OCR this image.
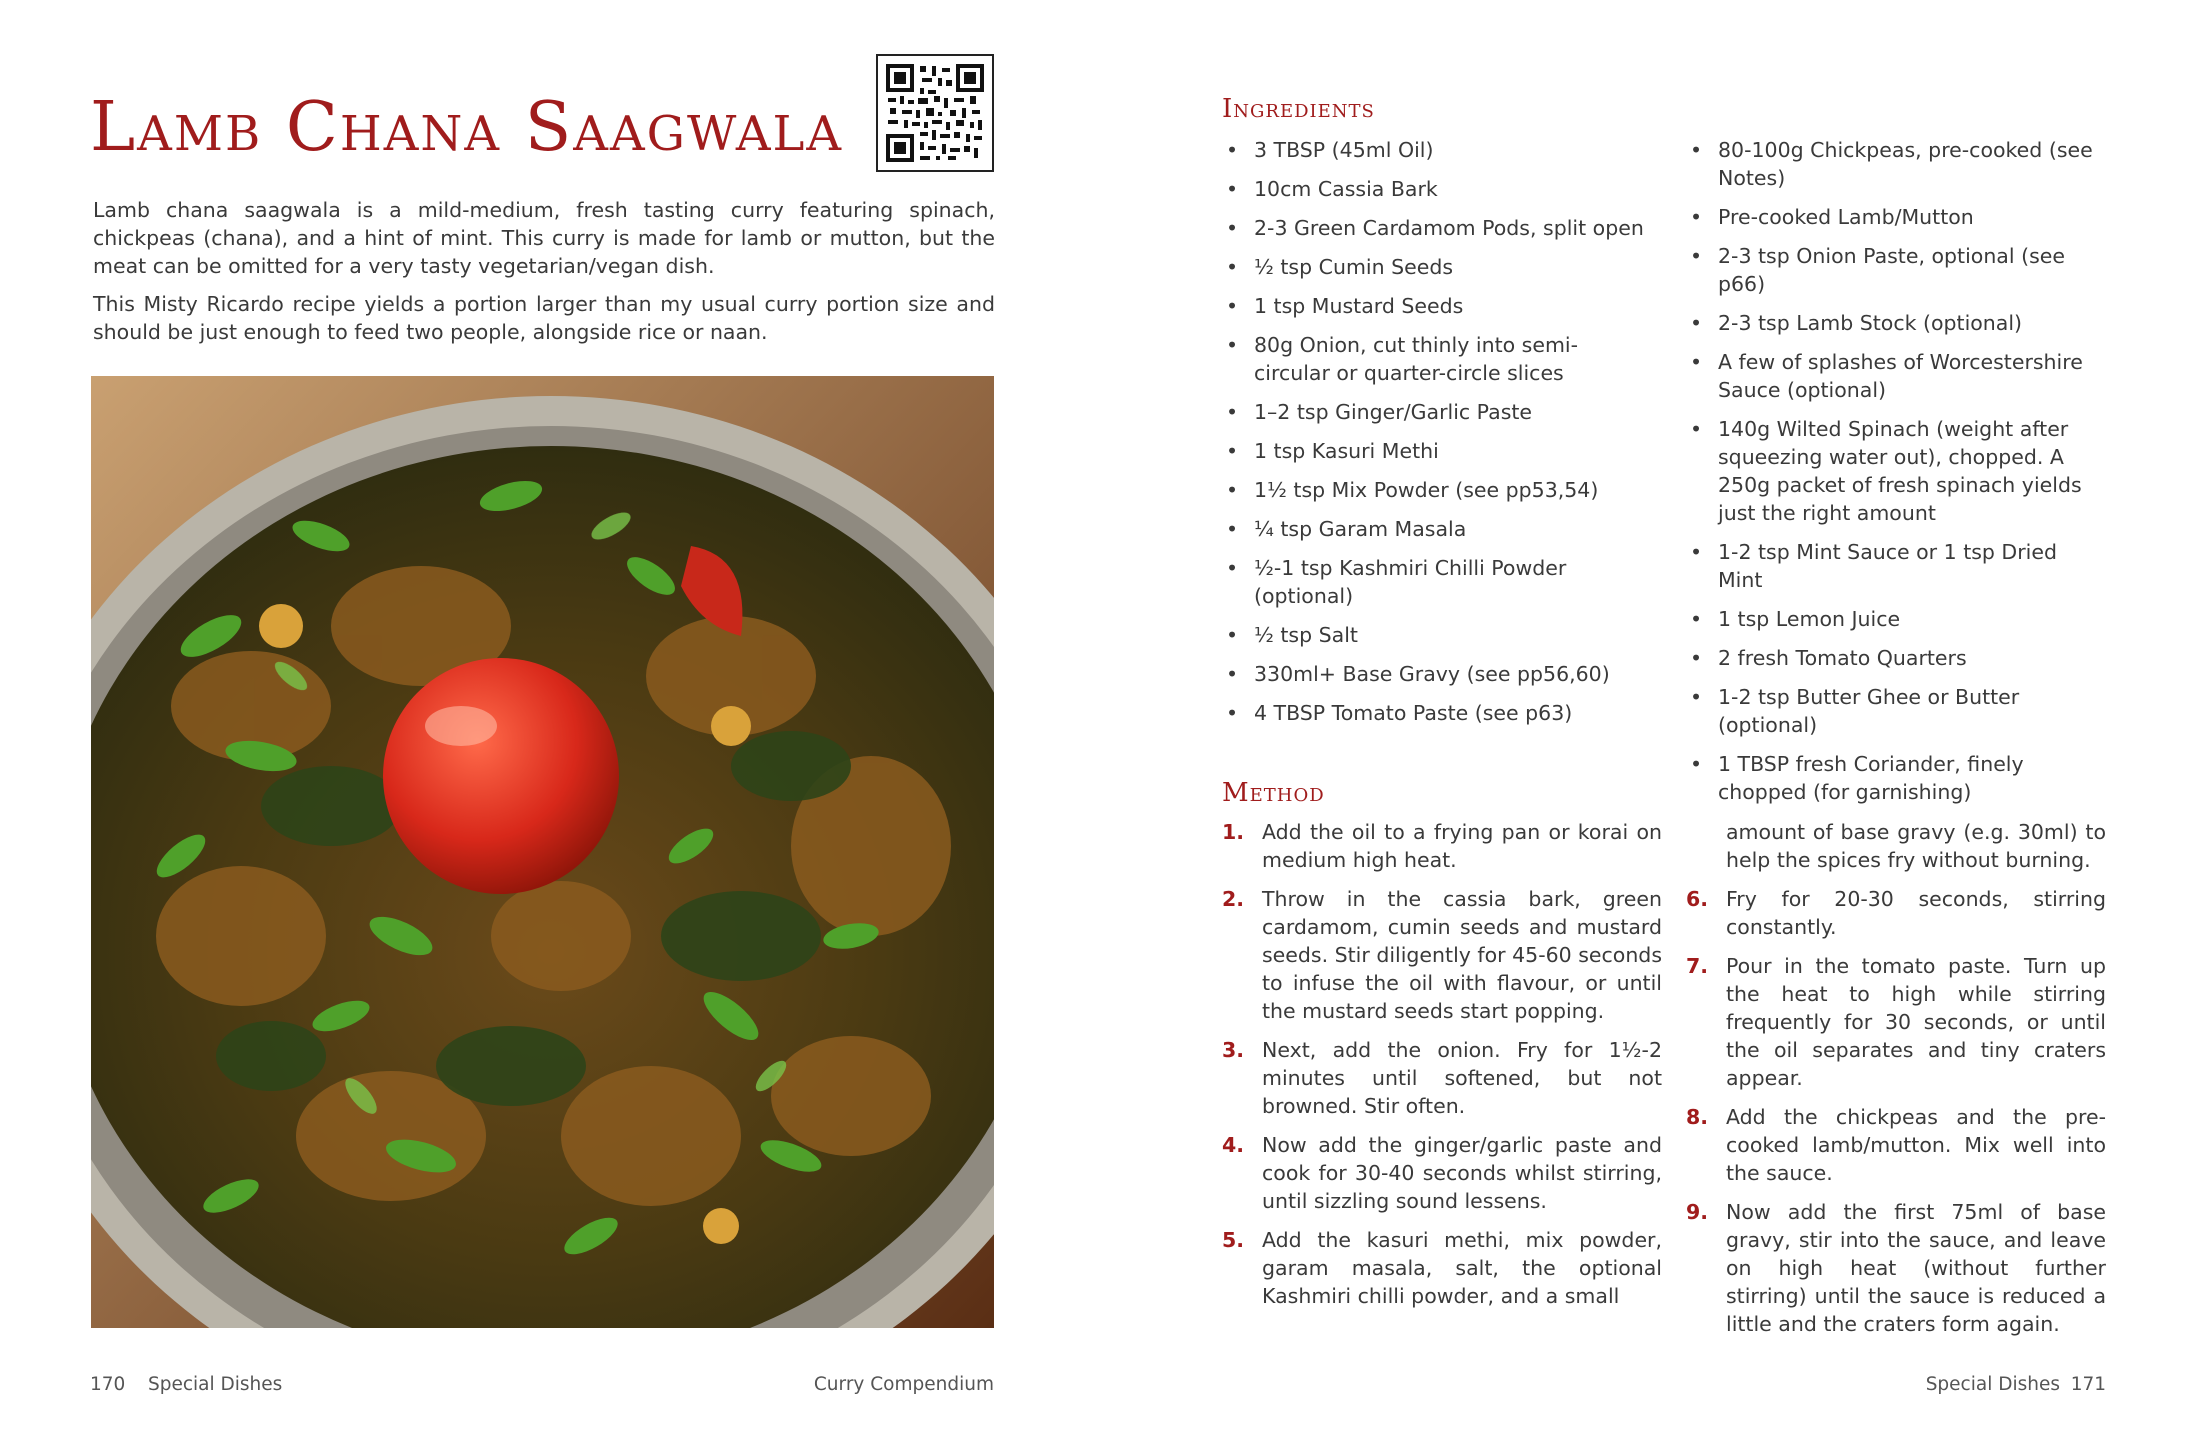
Lamb Chana Saagwala

Lamb chana saagwala is a mild-medium, fresh tasting curry featuring spinach, chickpeas (chana), and a hint of mint. This curry is made for lamb or mutton, but the meat can be omitted for a very tasty vegetarian/vegan dish.

This Misty Ricardo recipe yields a portion larger than my usual curry portion size and should be just enough to feed two people, alongside rice or naan.

170 Special Dishes	Curry Compendium
Ingredients
• 3 TBSP (45ml Oil)
• 10cm Cassia Bark
• 2-3 Green Cardamom Pods, split open
• ½ tsp Cumin Seeds
• 1 tsp Mustard Seeds
• 80g Onion, cut thinly into semi-circular or quarter-circle slices
• 1–2 tsp Ginger/Garlic Paste
• 1 tsp Kasuri Methi
• 1½ tsp Mix Powder (see pp53,54)
• ¼ tsp Garam Masala
• ½-1 tsp Kashmiri Chilli Powder (optional)
• ½ tsp Salt
• 330ml+ Base Gravy (see pp56,60)
• 4 TBSP Tomato Paste (see p63)
• 80-100g Chickpeas, pre-cooked (see Notes)
• Pre-cooked Lamb/Mutton
• 2-3 tsp Onion Paste, optional (see p66)
• 2-3 tsp Lamb Stock (optional)
• A few of splashes of Worcestershire Sauce (optional)
• 140g Wilted Spinach (weight after squeezing water out), chopped. A 250g packet of fresh spinach yields just the right amount
• 1-2 tsp Mint Sauce or 1 tsp Dried Mint
• 1 tsp Lemon Juice
• 2 fresh Tomato Quarters
• 1-2 tsp Butter Ghee or Butter (optional)
• 1 TBSP fresh Coriander, finely chopped (for garnishing)
Method
1. Add the oil to a frying pan or korai on medium high heat.
2. Throw in the cassia bark, green cardamom, cumin seeds and mustard seeds. Stir diligently for 45-60 seconds to infuse the oil with flavour, or until the mustard seeds start popping.
3. Next, add the onion. Fry for 1½-2 minutes until softened, but not browned. Stir often.
4. Now add the ginger/garlic paste and cook for 30-40 seconds whilst stirring, until sizzling sound lessens.
5. Add the kasuri methi, mix powder, garam masala, salt, the optional Kashmiri chilli powder, and a small
amount of base gravy (e.g. 30ml) to help the spices fry without burning.
6. Fry for 20-30 seconds, stirring constantly.
7. Pour in the tomato paste. Turn up the heat to high while stirring frequently for 30 seconds, or until the oil separates and tiny craters appear.
8. Add the chickpeas and the pre-cooked lamb/mutton. Mix well into the sauce.
9. Now add the first 75ml of base gravy, stir into the sauce, and leave on high heat (without further stirring) until the sauce is reduced a little and the craters form again.
Special Dishes 171
